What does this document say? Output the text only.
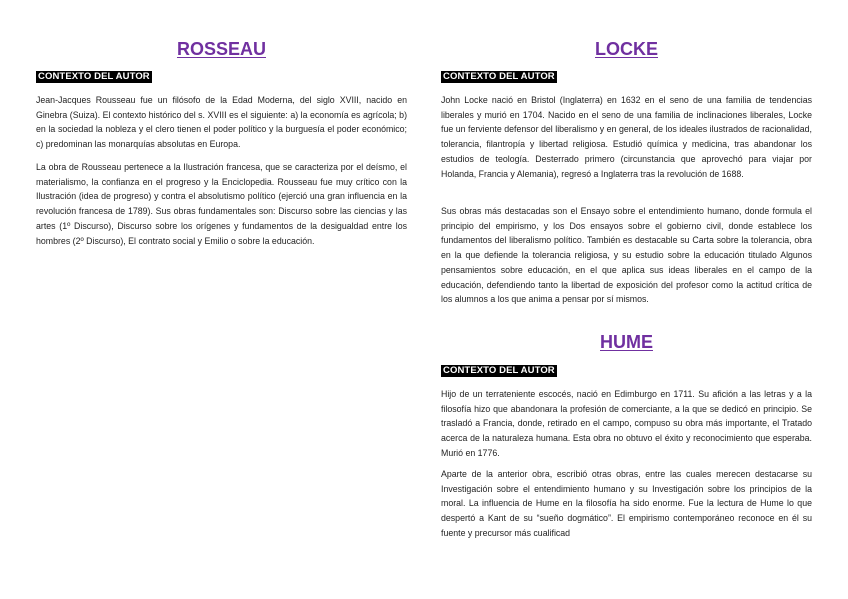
ROSSEAU
CONTEXTO DEL AUTOR

Jean-Jacques Rousseau fue un filósofo de la Edad Moderna, del siglo XVIII, nacido en Ginebra (Suiza). El contexto histórico del s. XVIII es el siguiente: a) la economía es agrícola; b) en la sociedad la nobleza y el clero tienen el poder político y la burguesía el poder económico; c) predominan las monarquías absolutas en Europa.

La obra de Rousseau pertenece a la Ilustración francesa, que se caracteriza por el deísmo, el materialismo, la confianza en el progreso y la Enciclopedia. Rousseau fue muy crítico con la Ilustración (idea de progreso) y contra el absolutismo político (ejerció una gran influencia en la revolución francesa de 1789). Sus obras fundamentales son: Discurso sobre las ciencias y las artes (1º Discurso), Discurso sobre los orígenes y fundamentos de la desigualdad entre los hombres (2º Discurso), El contrato social y Emilio o sobre la educación.

LOCKE
CONTEXTO DEL AUTOR

John Locke nació en Bristol (Inglaterra) en 1632 en el seno de una familia de tendencias liberales y murió en 1704. Nacido en el seno de una familia de inclinaciones liberales, Locke fue un ferviente defensor del liberalismo y en general, de los ideales ilustrados de racionalidad, tolerancia, filantropía y libertad religiosa. Estudió química y medicina, tras abandonar los estudios de teología. Desterrado primero (circunstancia que aprovechó para viajar por Holanda, Francia y Alemania), regresó a Inglaterra tras la revolución de 1688.

Sus obras más destacadas son el Ensayo sobre el entendimiento humano, donde formula el principio del empirismo, y los Dos ensayos sobre el gobierno civil, donde establece los fundamentos del liberalismo político. También es destacable su Carta sobre la tolerancia, obra en la que defiende la tolerancia religiosa, y su estudio sobre la educación titulado Algunos pensamientos sobre educación, en el que aplica sus ideas liberales en el campo de la educación, defendiendo tanto la libertad de exposición del profesor como la actitud crítica de los alumnos a los que anima a pensar por sí mismos.

HUME
CONTEXTO DEL AUTOR

Hijo de un terrateniente escocés, nació en Edimburgo en 1711. Su afición a las letras y a la filosofía hizo que abandonara la profesión de comerciante, a la que se dedicó en principio. Se trasladó a Francia, donde, retirado en el campo, compuso su obra más importante, el Tratado acerca de la naturaleza humana. Esta obra no obtuvo el éxito y reconocimiento que esperaba. Murió en 1776.

Aparte de la anterior obra, escribió otras obras, entre las cuales merecen destacarse su Investigación sobre el entendimiento humano y su Investigación sobre los principios de la moral. La influencia de Hume en la filosofía ha sido enorme. Fue la lectura de Hume lo que despertó a Kant de su “sueño dogmático”. El empirismo contemporáneo reconoce en él su fuente y precursor más cualificad
